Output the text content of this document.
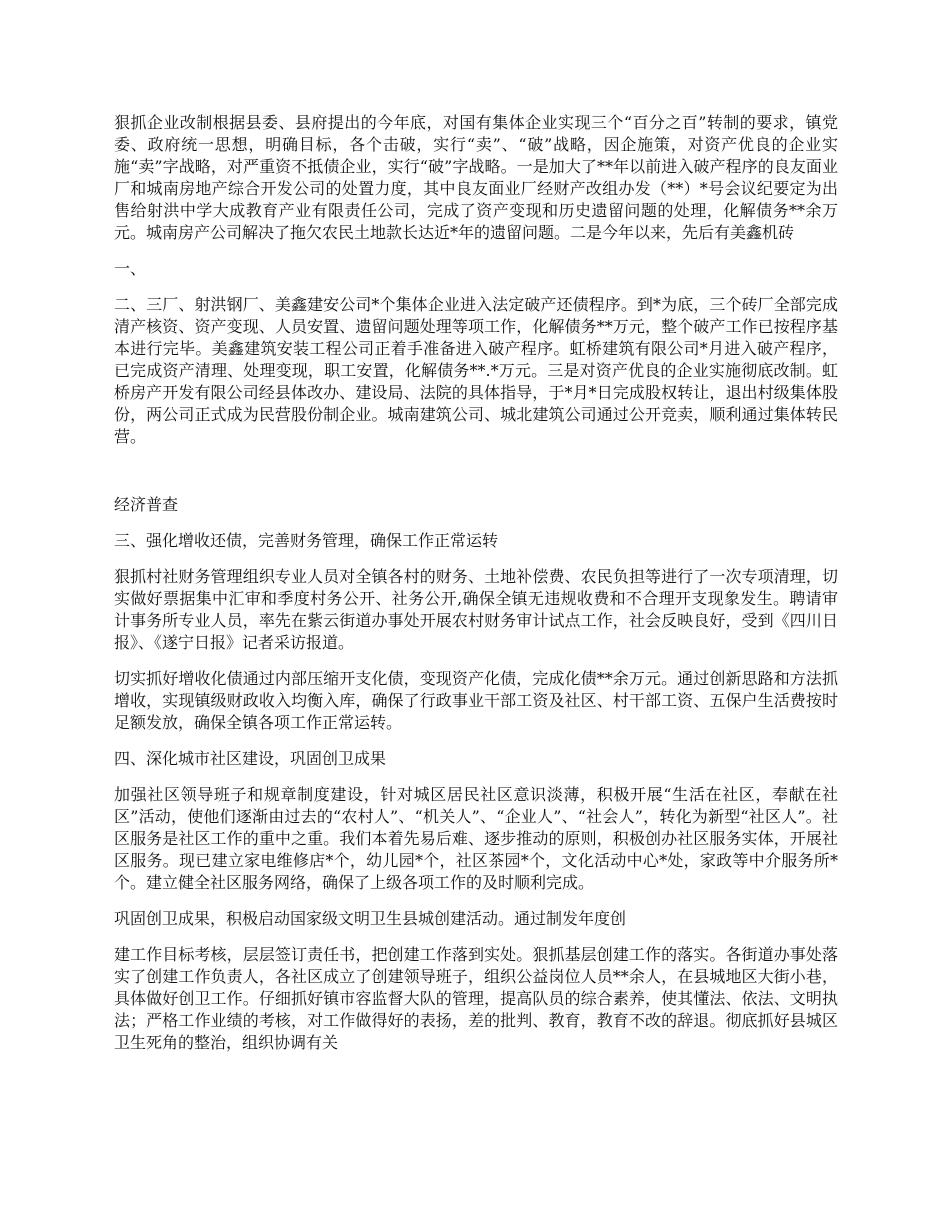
狠抓企业改制根据县委、县府提出的今年底，对国有集体企业实现三个“百分之百”转制的要求，镇党委、政府统一思想，明确目标，各个击破，实行“卖”、“破”战略，因企施策，对资产优良的企业实施“卖”字战略，对严重资不抵债企业，实行“破”字战略。一是加大了**年以前进入破产程序的良友面业厂和城南房地产综合开发公司的处置力度，其中良友面业厂经财产改组办发（**）*号会议纪要定为出售给射洪中学大成教育产业有限责任公司，完成了资产变现和历史遗留问题的处理，化解债务**余万元。城南房产公司解决了拖欠农民土地款长达近*年的遗留问题。二是今年以来，先后有美鑫机砖

一、

二、三厂、射洪钢厂、美鑫建安公司*个集体企业进入法定破产还债程序。到*为底，三个砖厂全部完成清产核资、资产变现、人员安置、遗留问题处理等项工作，化解债务**万元，整个破产工作已按程序基本进行完毕。美鑫建筑安装工程公司正着手准备进入破产程序。虹桥建筑有限公司*月进入破产程序，已完成资产清理、处理变现，职工安置，化解债务**.*万元。三是对资产优良的企业实施彻底改制。虹桥房产开发有限公司经县体改办、建设局、法院的具体指导，于*月*日完成股权转让，退出村级集体股份，两公司正式成为民营股份制企业。城南建筑公司、城北建筑公司通过公开竞卖，顺利通过集体转民营。

经济普查

三、强化增收还债，完善财务管理，确保工作正常运转

狠抓村社财务管理组织专业人员对全镇各村的财务、土地补偿费、农民负担等进行了一次专项清理，切实做好票据集中汇审和季度村务公开、社务公开,确保全镇无违规收费和不合理开支现象发生。聘请审计事务所专业人员，率先在紫云街道办事处开展农村财务审计试点工作，社会反映良好，受到《四川日报》、《遂宁日报》记者采访报道。

切实抓好增收化债通过内部压缩开支化债，变现资产化债，完成化债**余万元。通过创新思路和方法抓增收，实现镇级财政收入均衡入库，确保了行政事业干部工资及社区、村干部工资、五保户生活费按时足额发放，确保全镇各项工作正常运转。

四、深化城市社区建设，巩固创卫成果

加强社区领导班子和规章制度建设，针对城区居民社区意识淡薄，积极开展“生活在社区，奉献在社区”活动，使他们逐渐由过去的“农村人”、“机关人”、“企业人”、“社会人”，转化为新型“社区人”。社区服务是社区工作的重中之重。我们本着先易后难、逐步推动的原则，积极创办社区服务实体，开展社区服务。现已建立家电维修店*个，幼儿园*个，社区茶园*个，文化活动中心*处，家政等中介服务所*个。建立健全社区服务网络，确保了上级各项工作的及时顺利完成。

巩固创卫成果，积极启动国家级文明卫生县城创建活动。通过制发年度创

建工作目标考核，层层签订责任书，把创建工作落到实处。狠抓基层创建工作的落实。各街道办事处落实了创建工作负责人，各社区成立了创建领导班子，组织公益岗位人员**余人，在县城地区大街小巷，具体做好创卫工作。仔细抓好镇市容监督大队的管理，提高队员的综合素养，使其懂法、依法、文明执法；严格工作业绩的考核，对工作做得好的表扬，差的批判、教育，教育不改的辞退。彻底抓好县城区卫生死角的整治，组织协调有关
